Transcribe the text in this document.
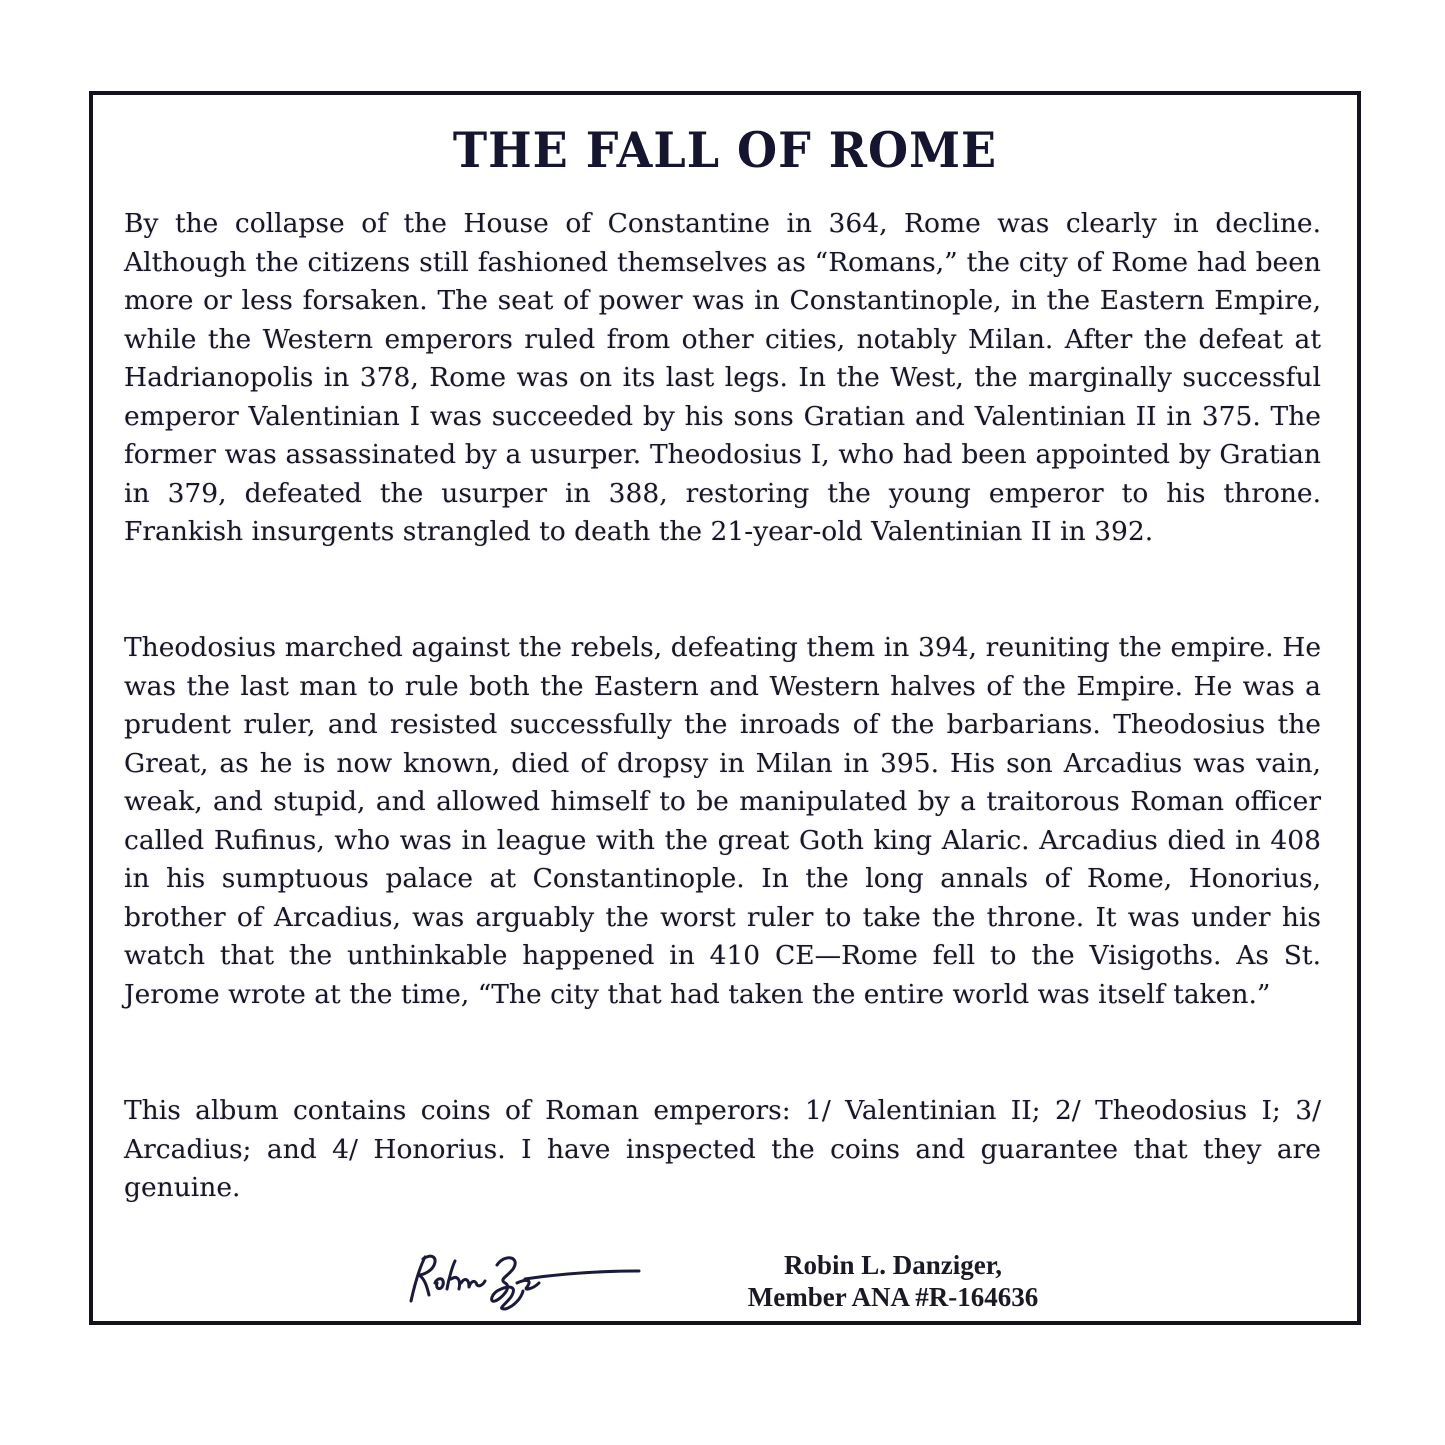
THE FALL OF ROME
By the collapse of the House of Constantine in 364, Rome was clearly in decline. Although the citizens still fashioned themselves as “Romans,” the city of Rome had been more or less forsaken. The seat of power was in Constantinople, in the Eastern Empire, while the Western emperors ruled from other cities, notably Milan. After the defeat at Hadrianopolis in 378, Rome was on its last legs. In the West, the marginally successful emperor Valentinian I was succeeded by his sons Gratian and Valentinian II in 375. The former was assassinated by a usurper. Theodosius I, who had been appointed by Gratian in 379, defeated the usurper in 388, restoring the young emperor to his throne. Frankish insurgents strangled to death the 21-year-old Valentinian II in 392.
Theodosius marched against the rebels, defeating them in 394, reuniting the empire. He was the last man to rule both the Eastern and Western halves of the Empire. He was a prudent ruler, and resisted successfully the inroads of the barbarians. Theodosius the Great, as he is now known, died of dropsy in Milan in 395. His son Arcadius was vain, weak, and stupid, and allowed himself to be manipulated by a traitorous Roman officer called Rufinus, who was in league with the great Goth king Alaric. Arcadius died in 408 in his sumptuous palace at Constantinople. In the long annals of Rome, Honorius, brother of Arcadius, was arguably the worst ruler to take the throne. It was under his watch that the unthinkable happened in 410 CE—Rome fell to the Visigoths. As St. Jerome wrote at the time, “The city that had taken the entire world was itself taken.”
This album contains coins of Roman emperors: 1/ Valentinian II; 2/ Theodosius I; 3/ Arcadius; and 4/ Honorius. I have inspected the coins and guarantee that they are genuine.
Robin L. Danziger,
Member ANA #R-164636
